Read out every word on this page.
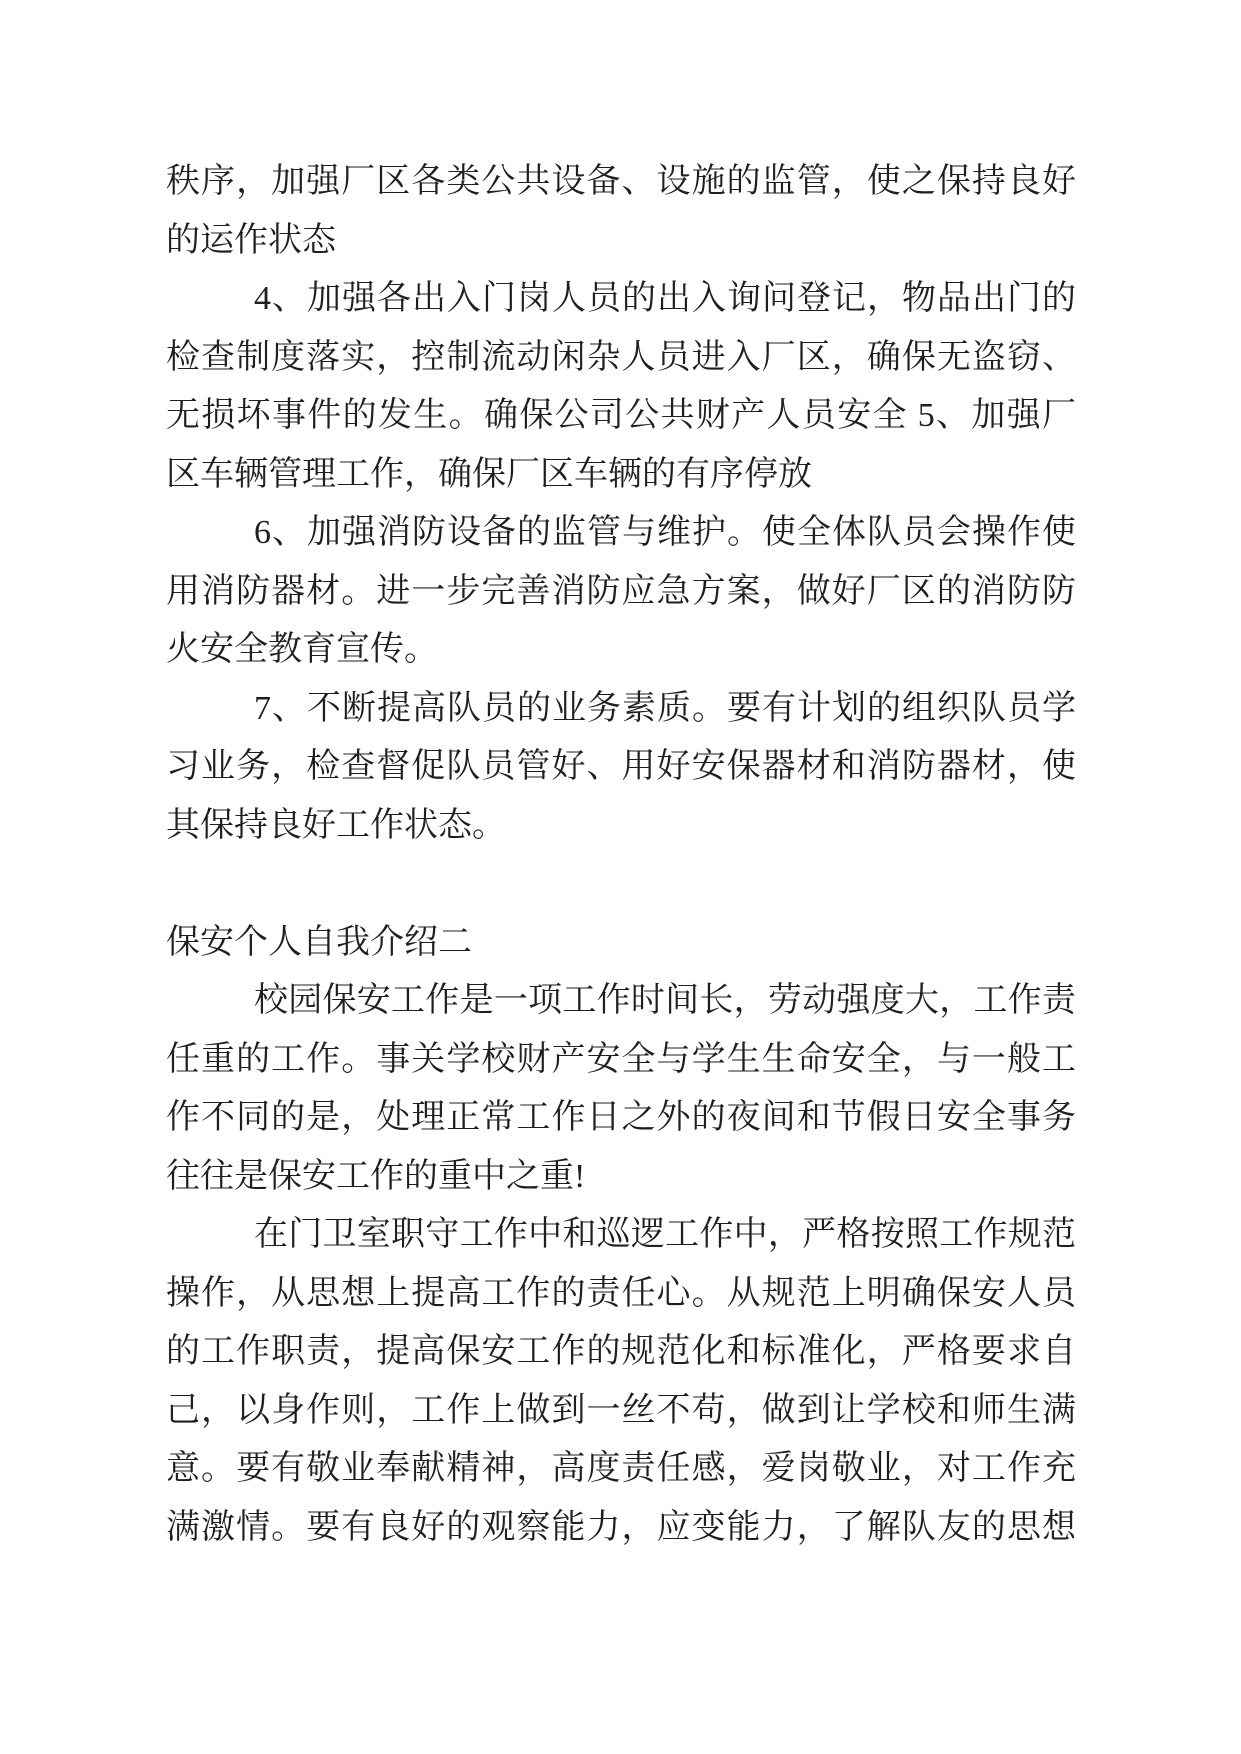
秩序，加强厂区各类公共设备、设施的监管，使之保持良好
的运作状态
4、加强各出入门岗人员的出入询问登记，物品出门的
检查制度落实，控制流动闲杂人员进入厂区，确保无盗窃、
无损坏事件的发生。确保公司公共财产人员安全 5、加强厂
区车辆管理工作，确保厂区车辆的有序停放
6、加强消防设备的监管与维护。使全体队员会操作使
用消防器材。进一步完善消防应急方案，做好厂区的消防防
火安全教育宣传。
7、不断提高队员的业务素质。要有计划的组织队员学
习业务，检查督促队员管好、用好安保器材和消防器材，使
其保持良好工作状态。
保安个人自我介绍二
校园保安工作是一项工作时间长，劳动强度大，工作责
任重的工作。事关学校财产安全与学生生命安全，与一般工
作不同的是，处理正常工作日之外的夜间和节假日安全事务
往往是保安工作的重中之重!
在门卫室职守工作中和巡逻工作中，严格按照工作规范
操作，从思想上提高工作的责任心。从规范上明确保安人员
的工作职责，提高保安工作的规范化和标准化，严格要求自
己，以身作则，工作上做到一丝不苟，做到让学校和师生满
意。要有敬业奉献精神，高度责任感，爱岗敬业，对工作充
满激情。要有良好的观察能力，应变能力，了解队友的思想
